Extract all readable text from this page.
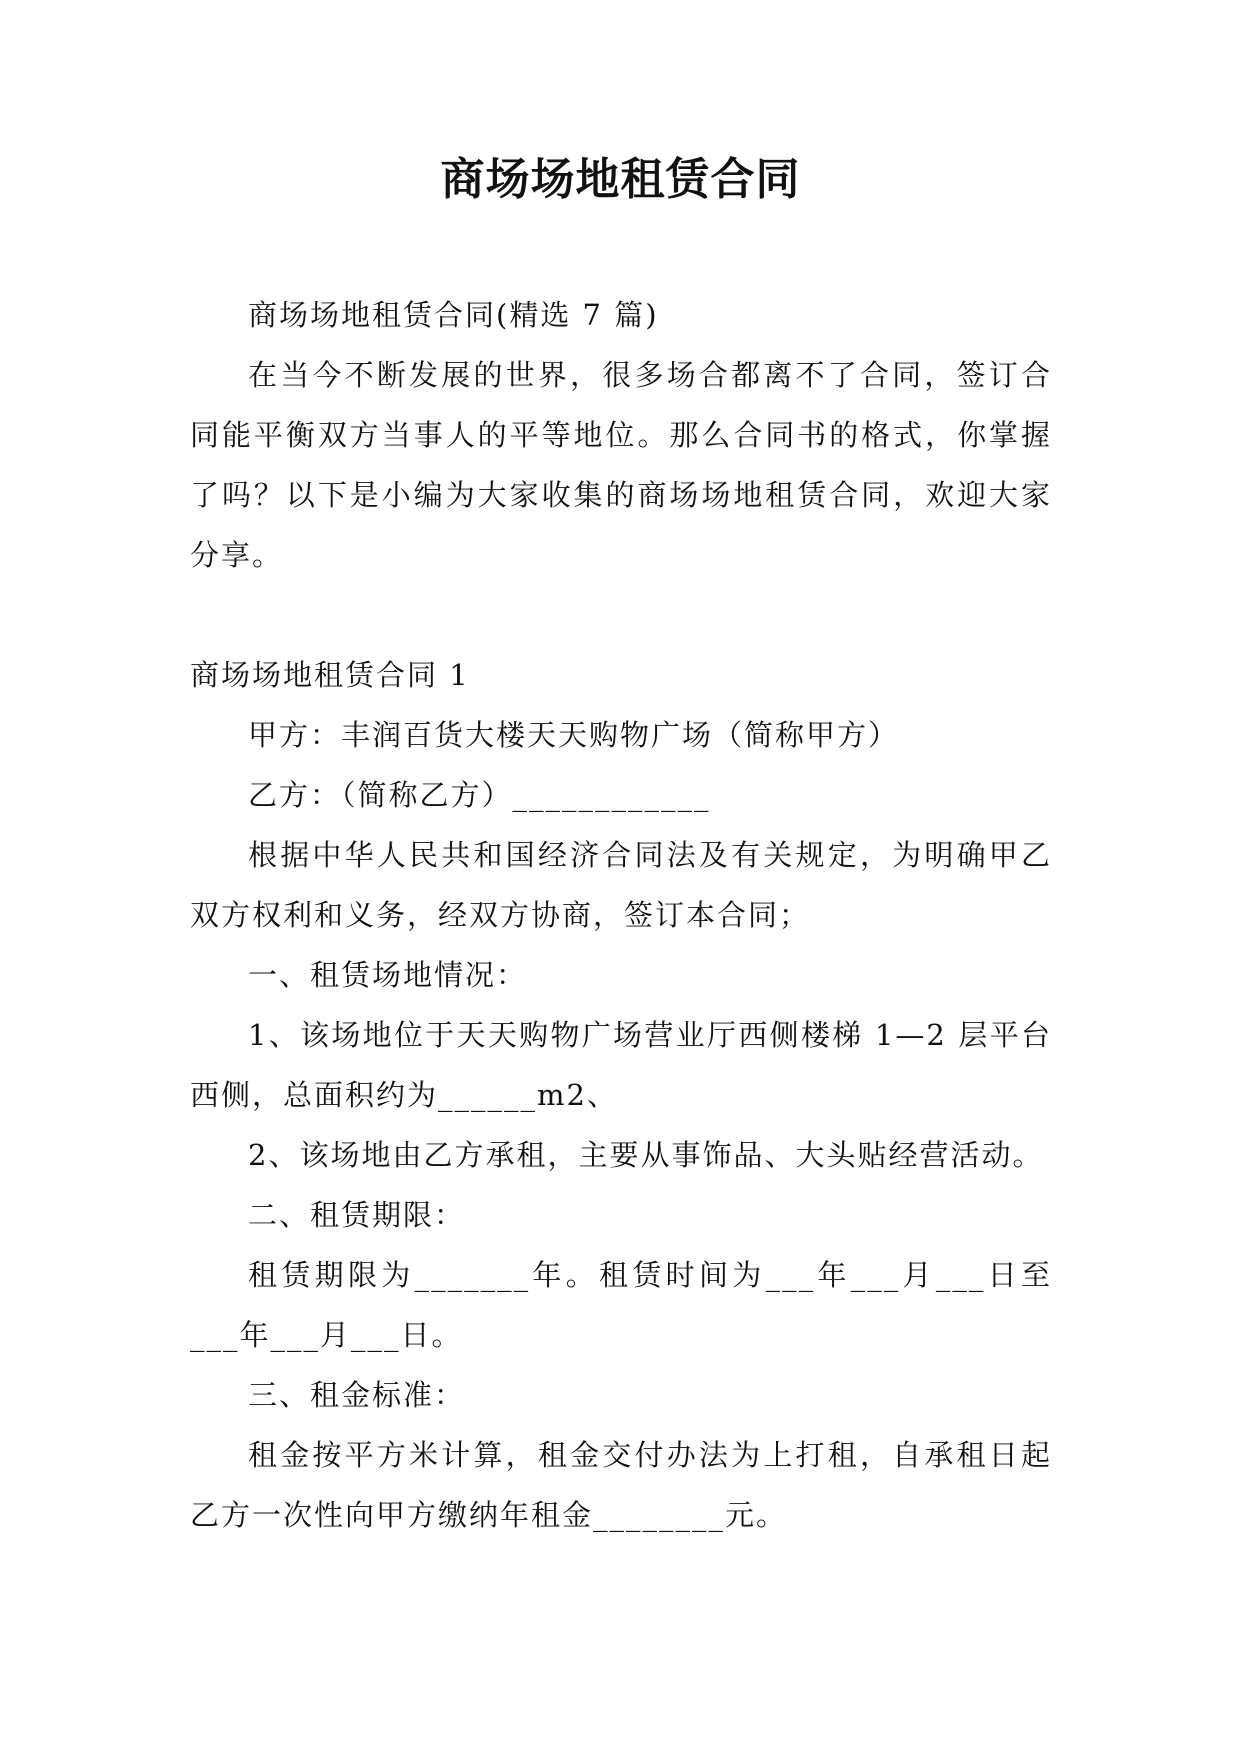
商场场地租赁合同

商场场地租赁合同(精选 7 篇)

在当今不断发展的世界，很多场合都离不了合同，签订合同能平衡双方当事人的平等地位。那么合同书的格式，你掌握了吗？以下是小编为大家收集的商场场地租赁合同，欢迎大家分享。

商场场地租赁合同 1

甲方：丰润百货大楼天天购物广场（简称甲方）

乙方：（简称乙方）____________

根据中华人民共和国经济合同法及有关规定，为明确甲乙双方权利和义务，经双方协商，签订本合同；

一、租赁场地情况：

1、该场地位于天天购物广场营业厅西侧楼梯 1—2 层平台西侧，总面积约为______m2、

2、该场地由乙方承租，主要从事饰品、大头贴经营活动。

二、租赁期限：

租赁期限为_______年。租赁时间为___年___月___日至___年___月___日。

三、租金标准：

租金按平方米计算，租金交付办法为上打租，自承租日起乙方一次性向甲方缴纳年租金________元。
